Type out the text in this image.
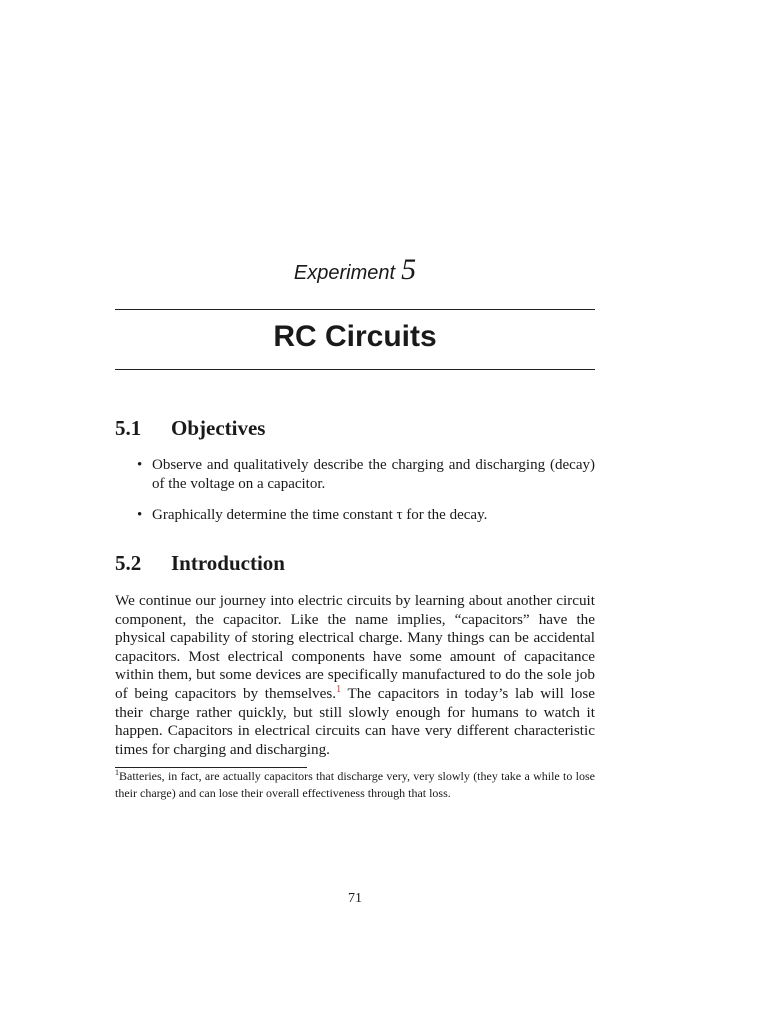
Experiment 5
RC Circuits
5.1 Objectives
• Observe and qualitatively describe the charging and discharging (decay) of the voltage on a capacitor.
• Graphically determine the time constant τ for the decay.
5.2 Introduction

We continue our journey into electric circuits by learning about another circuit component, the capacitor. Like the name implies, “capacitors” have the physical capability of storing electrical charge. Many things can be accidental capacitors. Most electrical components have some amount of capacitance within them, but some devices are specifically manufactured to do the sole job of being capacitors by themselves.$^1$ The capacitors in today’s lab will lose their charge rather quickly, but still slowly enough for humans to watch it happen. Capacitors in electrical circuits can have very different characteristic times for charging and discharging.

$^1$Batteries, in fact, are actually capacitors that discharge very, very slowly (they take a while to lose their charge) and can lose their overall effectiveness through that loss.

71
